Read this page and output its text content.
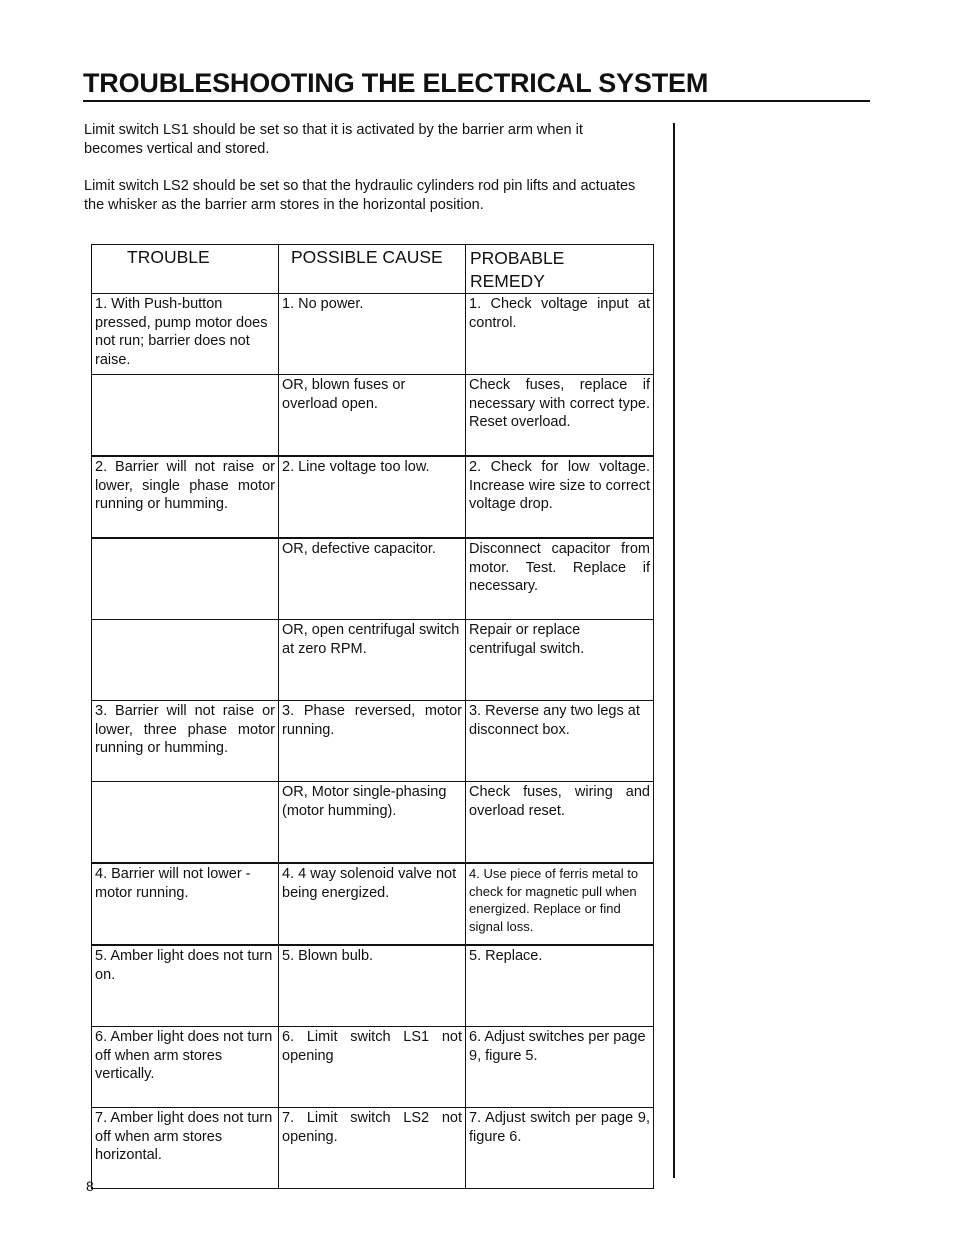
TROUBLESHOOTING THE ELECTRICAL SYSTEM

Limit switch LS1 should be set so that it is activated by the barrier arm when it becomes vertical and stored.

Limit switch LS2 should be set so that the hydraulic cylinders rod pin lifts and actuates the whisker as the barrier arm stores in the horizontal position.

TROUBLE	POSSIBLE CAUSE	PROBABLE REMEDY
1. With Push-button pressed, pump motor does not run; barrier does not raise.	1. No power.	1. Check voltage input at control.
	OR, blown fuses or overload open.	Check fuses, replace if necessary with correct type. Reset overload.
2. Barrier will not raise or lower, single phase motor running or humming.	2. Line voltage too low.	2. Check for low voltage. Increase wire size to correct voltage drop.
	OR, defective capacitor.	Disconnect capacitor from motor. Test. Replace if necessary.
	OR, open centrifugal switch at zero RPM.	Repair or replace centrifugal switch.
3. Barrier will not raise or lower, three phase motor running or humming.	3. Phase reversed, motor running.	3. Reverse any two legs at disconnect box.
	OR, Motor single-phasing (motor humming).	Check fuses, wiring and overload reset.
4. Barrier will not lower - motor running.	4. 4 way solenoid valve not being energized.	4. Use piece of ferris metal to check for magnetic pull when energized. Replace or find signal loss.
5. Amber light does not turn on.	5. Blown bulb.	5. Replace.
6. Amber light does not turn off when arm stores vertically.	6. Limit switch LS1 not opening	6. Adjust switches per page 9, figure 5.
7. Amber light does not turn off when arm stores horizontal.	7. Limit switch LS2 not opening.	7. Adjust switch per page 9, figure 6.
8
